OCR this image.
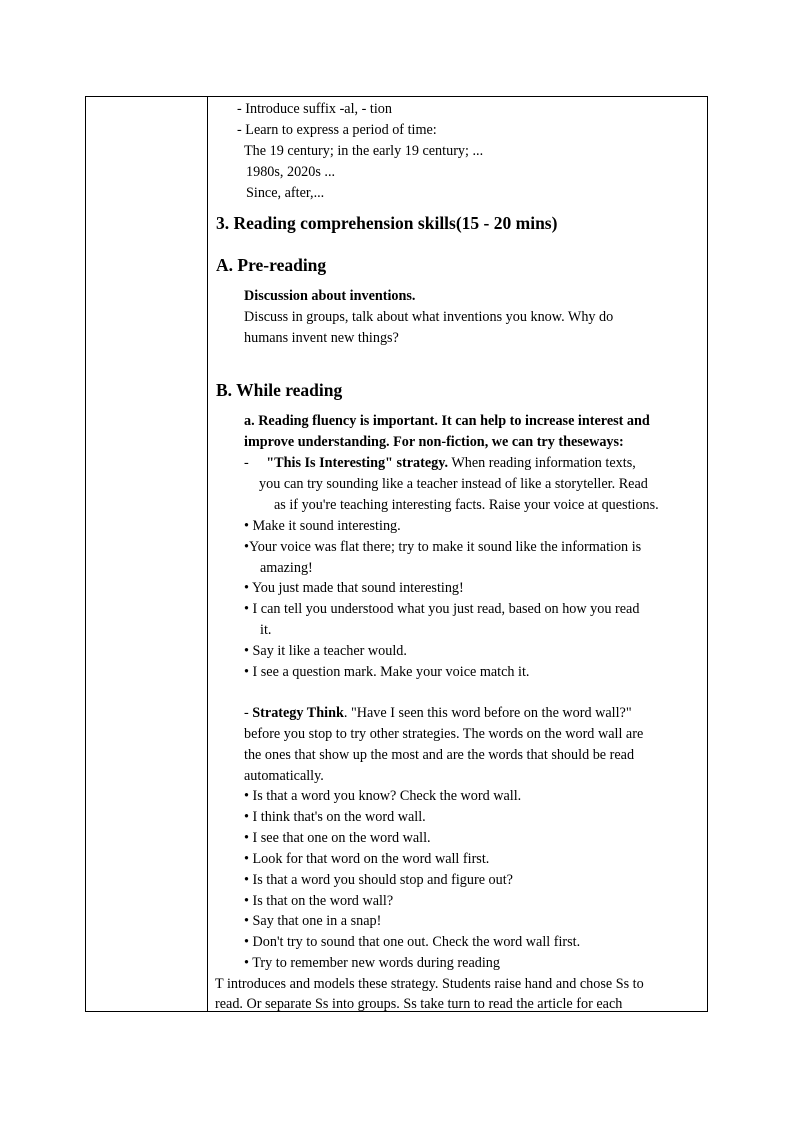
- Introduce suffix -al, - tion
- Learn to express a period of time:
The 19 century; in the early 19 century; ...
1980s, 2020s ...
Since, after,...
3. Reading comprehension skills(15 - 20 mins)
A. Pre-reading
Discussion about inventions.
Discuss in groups, talk about what inventions you know. Why do
humans invent new things?
B. While reading
a. Reading fluency is important. It can help to increase interest and
improve understanding. For non-fiction, we can try theseways:
- "This Is Interesting" strategy. When reading information texts,
you can try sounding like a teacher instead of like a storyteller. Read
as if you're teaching interesting facts. Raise your voice at questions.
• Make it sound interesting.
•Your voice was flat there; try to make it sound like the information is
amazing!
• You just made that sound interesting!
• I can tell you understood what you just read, based on how you read
it.
• Say it like a teacher would.
• I see a question mark. Make your voice match it.
- Strategy Think. "Have I seen this word before on the word wall?"
before you stop to try other strategies. The words on the word wall are
the ones that show up the most and are the words that should be read
automatically.
• Is that a word you know? Check the word wall.
• I think that's on the word wall.
• I see that one on the word wall.
• Look for that word on the word wall first.
• Is that a word you should stop and figure out?
• Is that on the word wall?
• Say that one in a snap!
• Don't try to sound that one out. Check the word wall first.
• Try to remember new words during reading
T introduces and models these strategy. Students raise hand and chose Ss to
read. Or separate Ss into groups. Ss take turn to read the article for each
